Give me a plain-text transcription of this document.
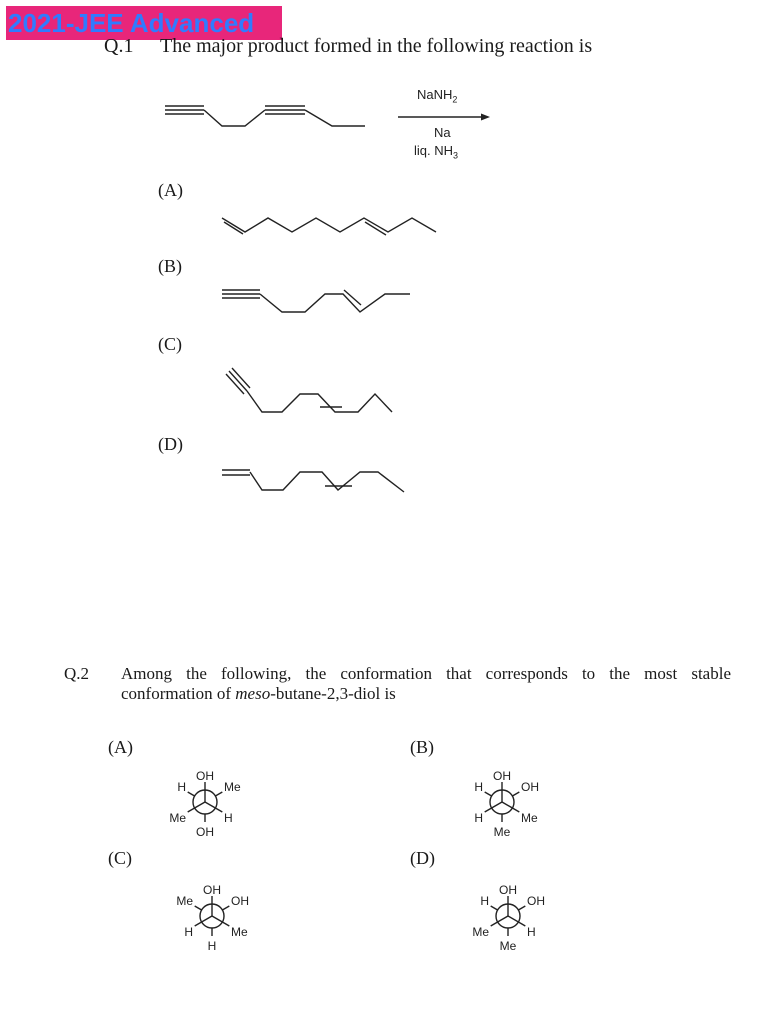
2021-JEE Advanced
Q.1 The major product formed in the following reaction is
NaNH$_2$
Na
liq. $NH_3$
(A)
(B)
(C)
(D)
Q.2 Among the following, the conformation that corresponds to the most stable
conformation of meso-butane-2,3-diol is
(A)	(B)
(C)	(D)
OH
OH
H	Me
Me	H
OH
Me
H	OH
H	Me
OH
H
Me	OH
H	Me
OH
Me
H	OH
Me	H
